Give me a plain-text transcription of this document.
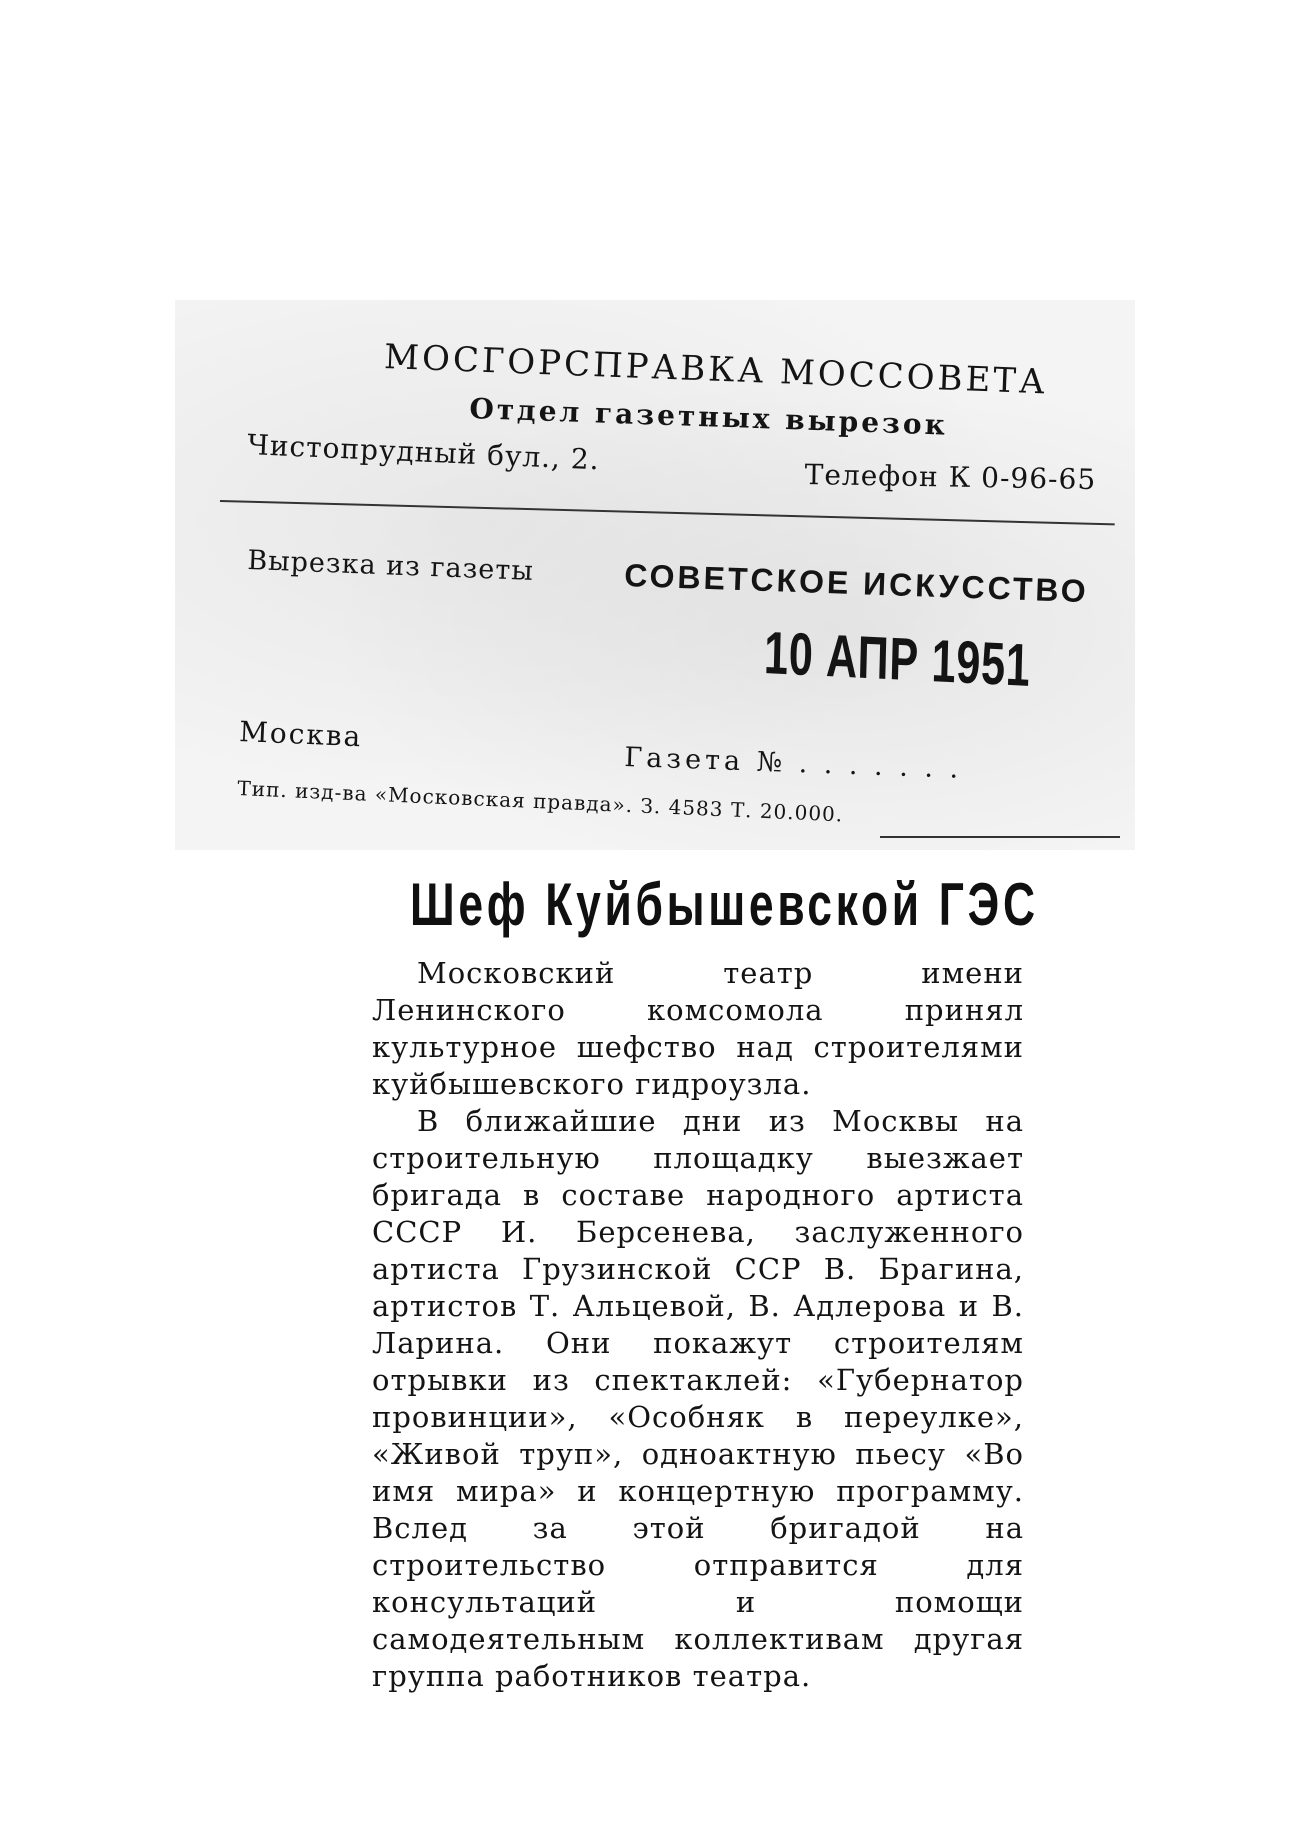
МОСГОРСПРАВКА МОССОВЕТА
Отдел газетных вырезок
Чистопрудный бул., 2.
Телефон К 0-96-65
Вырезка из газеты	СОВЕТСКОЕ ИСКУССТВО
10 АПР 1951
Москва
Газета № . . . . . . .
Тип. изд-ва «Московская правда». З. 4583 Т. 20.000.
Шеф Куйбышевской ГЭС

Московский театр имени Ленинского комсомола принял культурное шефство над строителями куйбышевского гидроузла.

В ближайшие дни из Москвы на строительную площадку выезжает бригада в составе народного артиста СССР И. Берсенева, заслуженного артиста Грузинской ССР В. Брагина, артистов Т. Альцевой, В. Адлерова и В. Ларина. Они покажут строителям отрывки из спектаклей: «Губернатор провинции», «Особняк в переулке», «Живой труп», одноактную пьесу «Во имя мира» и концертную программу. Вслед за этой бригадой на строительство отправится для консультаций и помощи самодеятельным коллективам другая группа работников театра.
